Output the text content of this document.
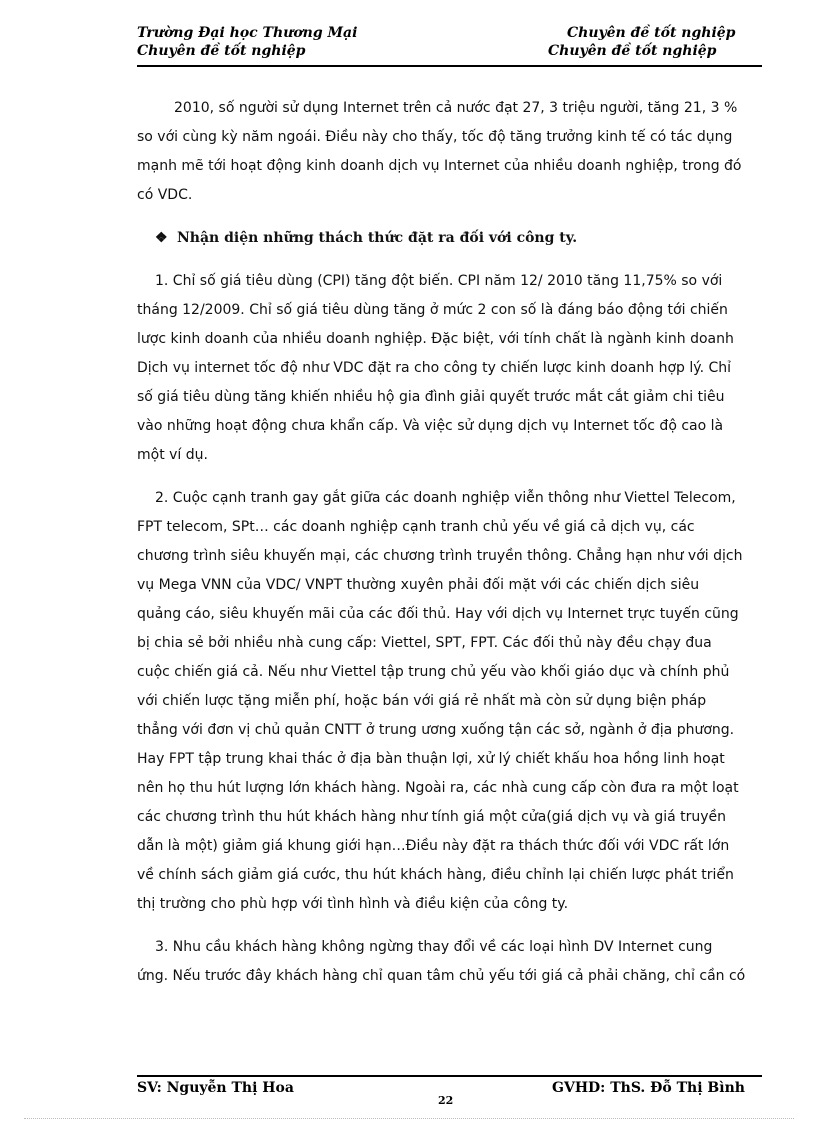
Trường Đại học Thương Mại	Chuyên đề tốt nghiệp
Chuyên đề tốt nghiệp	Chuyên đề tốt nghiệp
2010, số người sử dụng Internet trên cả nước đạt 27, 3 triệu người, tăng 21, 3 %
so với cùng kỳ năm ngoái. Điều này cho thấy, tốc độ tăng trưởng kinh tế có tác dụng
mạnh mẽ tới hoạt động kinh doanh dịch vụ Internet của nhiều doanh nghiệp, trong đó
có VDC.
❖ Nhận diện những thách thức đặt ra đối với công ty.
1. Chỉ số giá tiêu dùng (CPI) tăng đột biến. CPI năm 12/ 2010 tăng 11,75% so với
tháng 12/2009. Chỉ số giá tiêu dùng tăng ở mức 2 con số là đáng báo động tới chiến
lược kinh doanh của nhiều doanh nghiệp. Đặc biệt, với tính chất là ngành kinh doanh
Dịch vụ internet tốc độ như VDC đặt ra cho công ty chiến lược kinh doanh hợp lý. Chỉ
số giá tiêu dùng tăng khiến nhiều hộ gia đình giải quyết trước mắt cắt giảm chi tiêu
vào những hoạt động chưa khẩn cấp. Và việc sử dụng dịch vụ Internet tốc độ cao là
một ví dụ.
2. Cuộc cạnh tranh gay gắt giữa các doanh nghiệp viễn thông như Viettel Telecom,
FPT telecom, SPt… các doanh nghiệp cạnh tranh chủ yếu về giá cả dịch vụ, các
chương trình siêu khuyến mại, các chương trình truyền thông. Chẳng hạn như với dịch
vụ Mega VNN của VDC/ VNPT thường xuyên phải đối mặt với các chiến dịch siêu
quảng cáo, siêu khuyến mãi của các đối thủ. Hay với dịch vụ Internet trực tuyến cũng
bị chia sẻ bởi nhiều nhà cung cấp: Viettel, SPT, FPT. Các đối thủ này đều chạy đua
cuộc chiến giá cả. Nếu như Viettel tập trung chủ yếu vào khối giáo dục và chính phủ
với chiến lược tặng miễn phí, hoặc bán với giá rẻ nhất mà còn sử dụng biện pháp
thẳng với đơn vị chủ quản CNTT ở trung ương xuống tận các sở, ngành ở địa phương.
Hay FPT tập trung khai thác ở địa bàn thuận lợi, xử lý chiết khấu hoa hồng linh hoạt
nên họ thu hút lượng lớn khách hàng. Ngoài ra, các nhà cung cấp còn đưa ra một loạt
các chương trình thu hút khách hàng như tính giá một cửa(giá dịch vụ và giá truyền
dẫn là một) giảm giá khung giới hạn…Điều này đặt ra thách thức đối với VDC rất lớn
về chính sách giảm giá cước, thu hút khách hàng, điều chỉnh lại chiến lược phát triển
thị trường cho phù hợp với tình hình và điều kiện của công ty.
3. Nhu cầu khách hàng không ngừng thay đổi về các loại hình DV Internet cung
ứng. Nếu trước đây khách hàng chỉ quan tâm chủ yếu tới giá cả phải chăng, chỉ cần có
SV: Nguyễn Thị Hoa	GVHD: ThS. Đỗ Thị Bình
22
